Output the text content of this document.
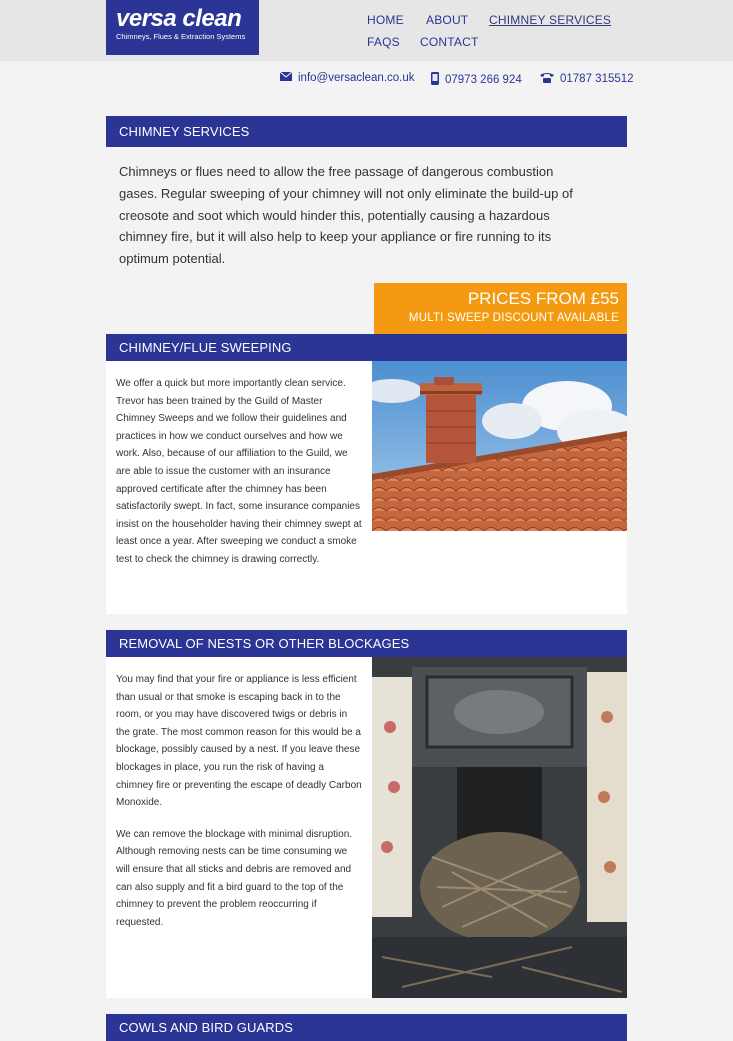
versa clean
Chimneys, Flues & Extraction Systems
HOME ABOUT CHIMNEY SERVICES
FAQS CONTACT
info@versaclean.co.uk	07973 266 924	01787 315512
CHIMNEY SERVICES

Chimneys or flues need to allow the free passage of dangerous combustion gases. Regular sweeping of your chimney will not only eliminate the build-up of creosote and soot which would hinder this, potentially causing a hazardous chimney fire, but it will also help to keep your appliance or fire running to its optimum potential.

PRICES FROM £55
MULTI SWEEP DISCOUNT AVAILABLE
CHIMNEY/FLUE SWEEPING

We offer a quick but more importantly clean service. Trevor has been trained by the Guild of Master Chimney Sweeps and we follow their guidelines and practices in how we conduct ourselves and how we work. Also, because of our affiliation to the Guild, we are able to issue the customer with an insurance approved certificate after the chimney has been satisfactorily swept. In fact, some insurance companies insist on the householder having their chimney swept at least once a year. After sweeping we conduct a smoke test to check the chimney is drawing correctly.

REMOVAL OF NESTS OR OTHER BLOCKAGES

You may find that your fire or appliance is less efficient than usual or that smoke is escaping back in to the room, or you may have discovered twigs or debris in the grate. The most common reason for this would be a blockage, possibly caused by a nest. If you leave these blockages in place, you run the risk of having a chimney fire or preventing the escape of deadly Carbon Monoxide.

We can remove the blockage with minimal disruption. Although removing nests can be time consuming we will ensure that all sticks and debris are removed and can also supply and fit a bird guard to the top of the chimney to prevent the problem reoccurring if requested.

COWLS AND BIRD GUARDS
